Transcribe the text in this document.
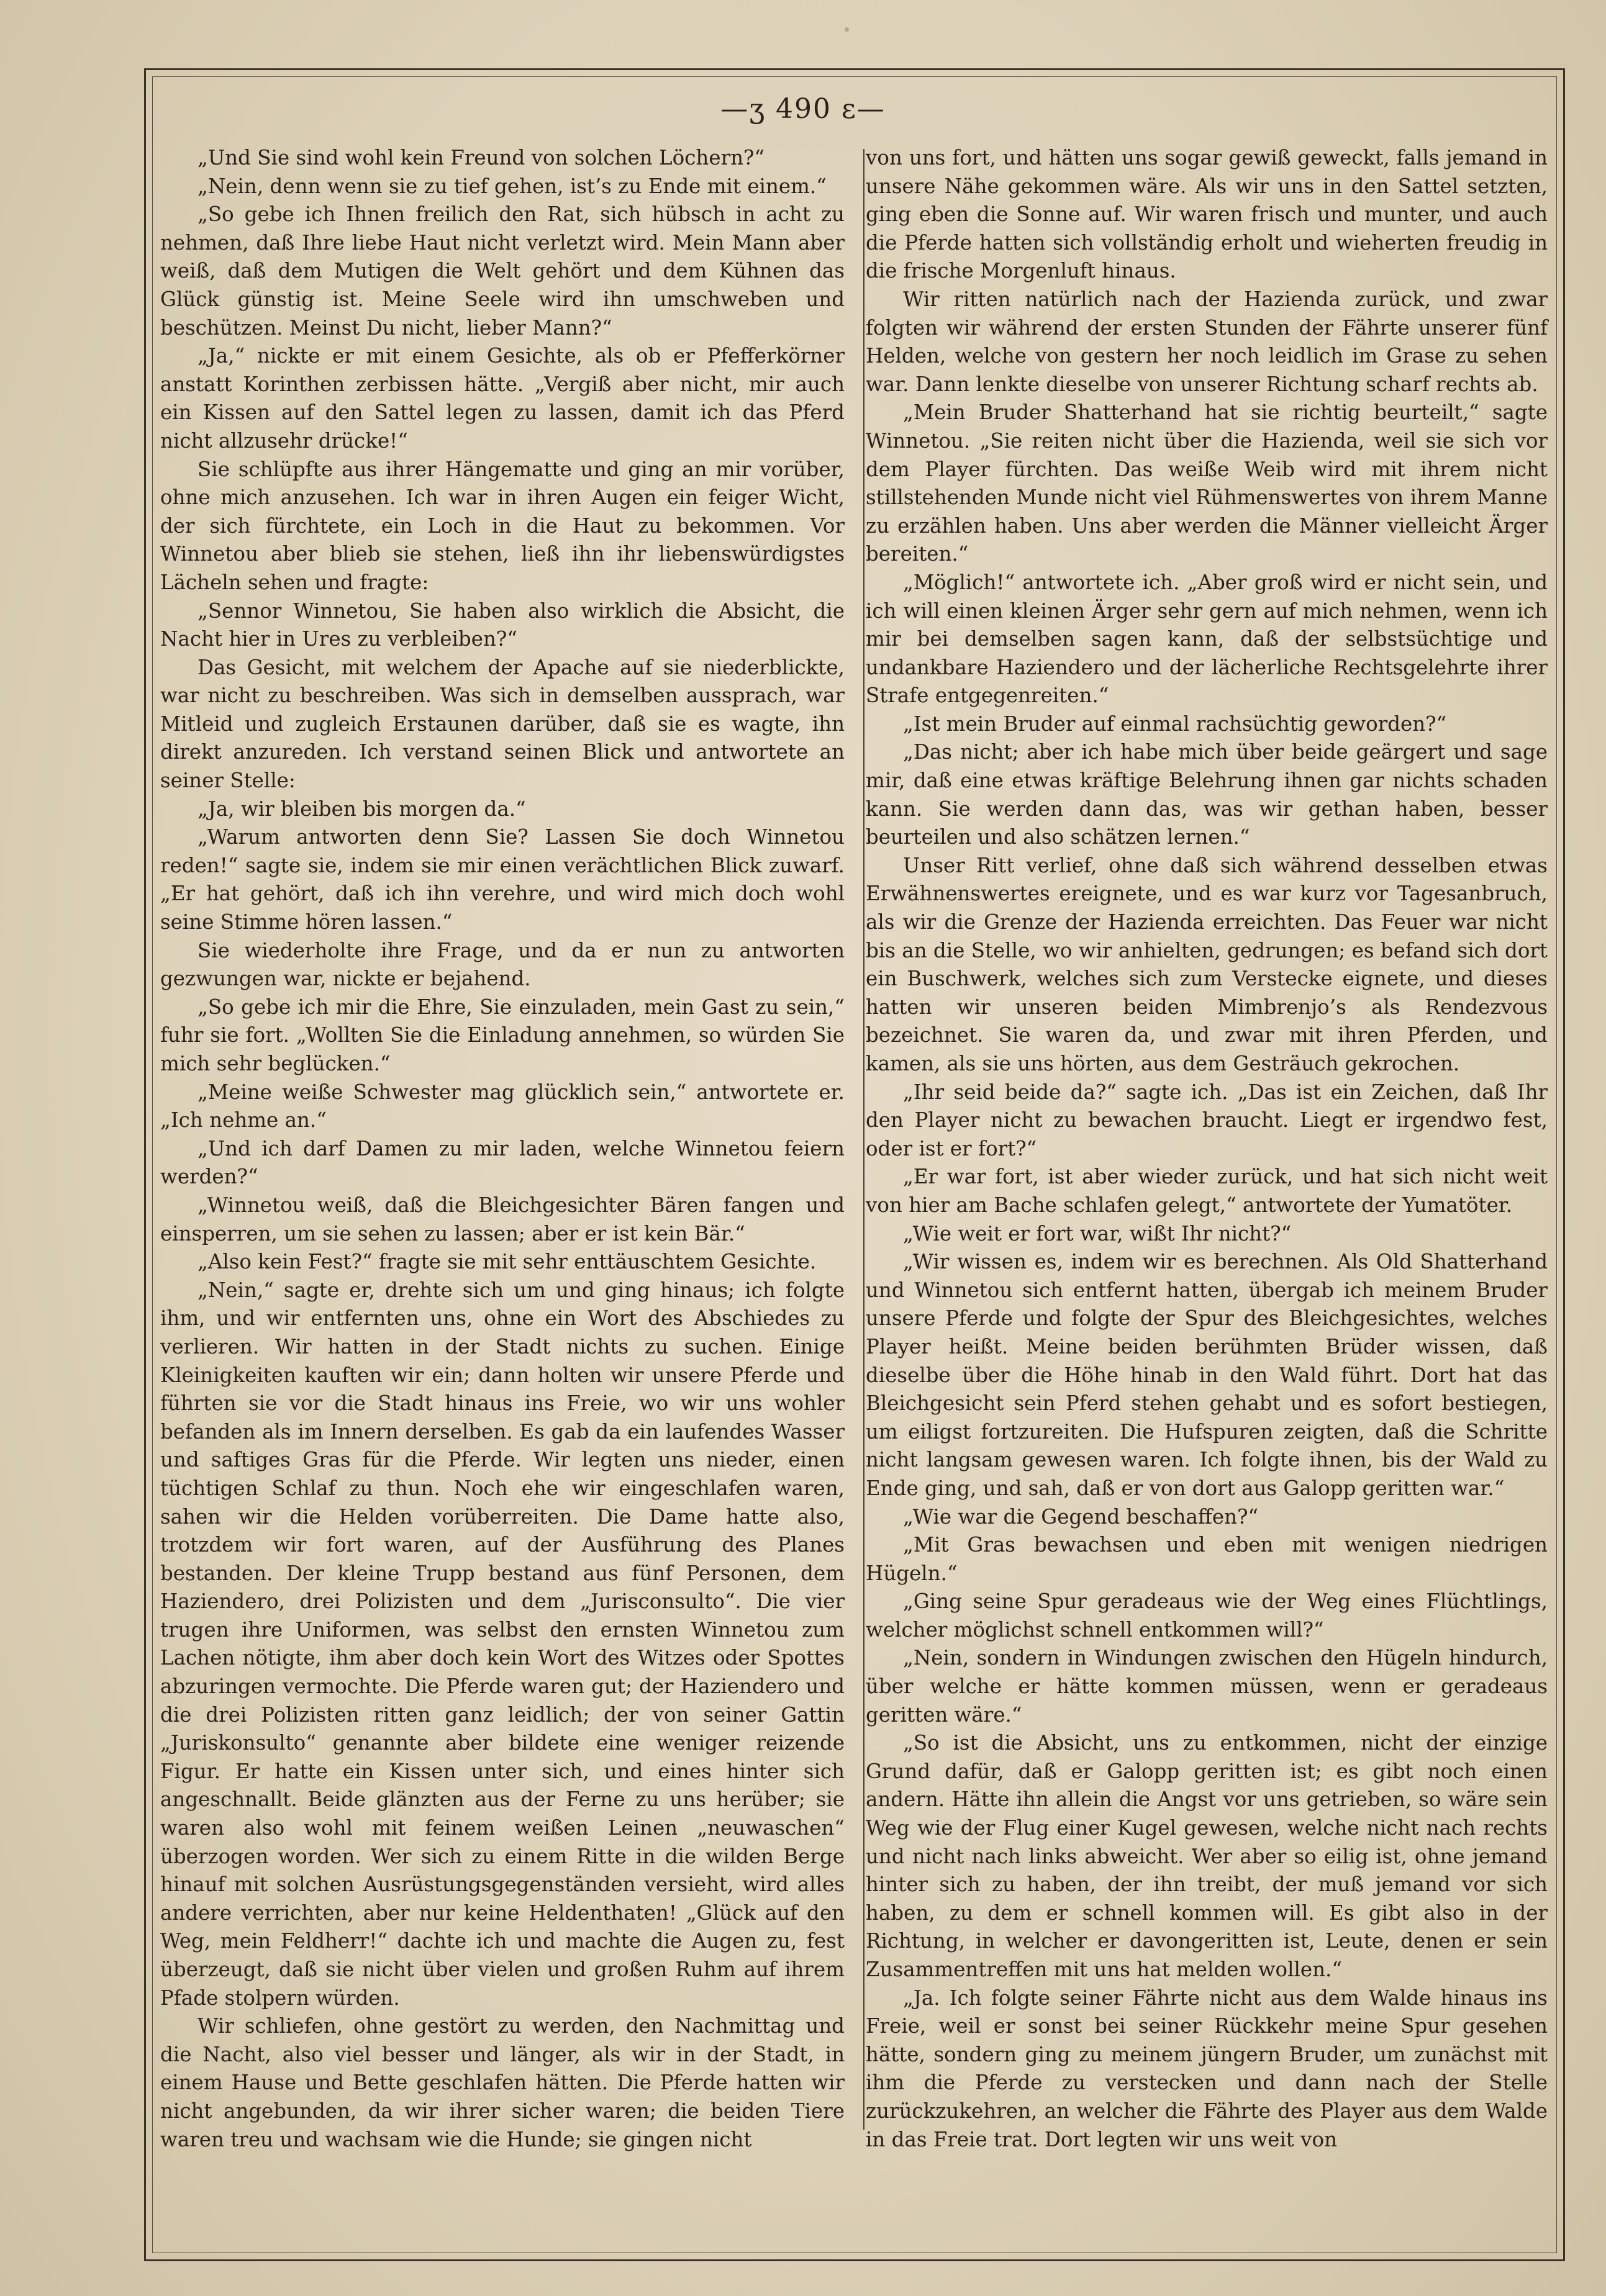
—ʒ 490 ɛ—

„Und Sie sind wohl kein Freund von solchen Löchern?“

„Nein, denn wenn sie zu tief gehen, ist’s zu Ende mit einem.“

„So gebe ich Ihnen freilich den Rat, sich hübsch in acht zu nehmen, daß Ihre liebe Haut nicht verletzt wird. Mein Mann aber weiß, daß dem Mutigen die Welt gehört und dem Kühnen das Glück günstig ist. Meine Seele wird ihn umschweben und beschützen. Meinst Du nicht, lieber Mann?“

„Ja,“ nickte er mit einem Gesichte, als ob er Pfefferkörner anstatt Korinthen zerbissen hätte. „Vergiß aber nicht, mir auch ein Kissen auf den Sattel legen zu lassen, damit ich das Pferd nicht allzusehr drücke!“

Sie schlüpfte aus ihrer Hängematte und ging an mir vorüber, ohne mich anzusehen. Ich war in ihren Augen ein feiger Wicht, der sich fürchtete, ein Loch in die Haut zu bekommen. Vor Winnetou aber blieb sie stehen, ließ ihn ihr liebenswürdigstes Lächeln sehen und fragte:

„Sennor Winnetou, Sie haben also wirklich die Absicht, die Nacht hier in Ures zu verbleiben?“

Das Gesicht, mit welchem der Apache auf sie niederblickte, war nicht zu beschreiben. Was sich in demselben aussprach, war Mitleid und zugleich Erstaunen darüber, daß sie es wagte, ihn direkt anzureden. Ich verstand seinen Blick und antwortete an seiner Stelle:

„Ja, wir bleiben bis morgen da.“

„Warum antworten denn Sie? Lassen Sie doch Winnetou reden!“ sagte sie, indem sie mir einen verächtlichen Blick zuwarf. „Er hat gehört, daß ich ihn verehre, und wird mich doch wohl seine Stimme hören lassen.“

Sie wiederholte ihre Frage, und da er nun zu antworten gezwungen war, nickte er bejahend.

„So gebe ich mir die Ehre, Sie einzuladen, mein Gast zu sein,“ fuhr sie fort. „Wollten Sie die Einladung annehmen, so würden Sie mich sehr beglücken.“

„Meine weiße Schwester mag glücklich sein,“ antwortete er. „Ich nehme an.“

„Und ich darf Damen zu mir laden, welche Winnetou feiern werden?“

„Winnetou weiß, daß die Bleichgesichter Bären fangen und einsperren, um sie sehen zu lassen; aber er ist kein Bär.“

„Also kein Fest?“ fragte sie mit sehr enttäuschtem Gesichte.

„Nein,“ sagte er, drehte sich um und ging hinaus; ich folgte ihm, und wir entfernten uns, ohne ein Wort des Abschiedes zu verlieren. Wir hatten in der Stadt nichts zu suchen. Einige Kleinigkeiten kauften wir ein; dann holten wir unsere Pferde und führten sie vor die Stadt hinaus ins Freie, wo wir uns wohler befanden als im Innern derselben. Es gab da ein laufendes Wasser und saftiges Gras für die Pferde. Wir legten uns nieder, einen tüchtigen Schlaf zu thun. Noch ehe wir eingeschlafen waren, sahen wir die Helden vorüberreiten. Die Dame hatte also, trotzdem wir fort waren, auf der Ausführung des Planes bestanden. Der kleine Trupp bestand aus fünf Personen, dem Haziendero, drei Polizisten und dem „Jurisconsulto“. Die vier trugen ihre Uniformen, was selbst den ernsten Winnetou zum Lachen nötigte, ihm aber doch kein Wort des Witzes oder Spottes abzuringen vermochte. Die Pferde waren gut; der Haziendero und die drei Polizisten ritten ganz leidlich; der von seiner Gattin „Juriskonsulto“ genannte aber bildete eine weniger reizende Figur. Er hatte ein Kissen unter sich, und eines hinter sich angeschnallt. Beide glänzten aus der Ferne zu uns herüber; sie waren also wohl mit feinem weißen Leinen „neuwaschen“ überzogen worden. Wer sich zu einem Ritte in die wilden Berge hinauf mit solchen Ausrüstungsgegenständen versieht, wird alles andere verrichten, aber nur keine Heldenthaten! „Glück auf den Weg, mein Feldherr!“ dachte ich und machte die Augen zu, fest überzeugt, daß sie nicht über vielen und großen Ruhm auf ihrem Pfade stolpern würden.

Wir schliefen, ohne gestört zu werden, den Nachmittag und die Nacht, also viel besser und länger, als wir in der Stadt, in einem Hause und Bette geschlafen hätten. Die Pferde hatten wir nicht angebunden, da wir ihrer sicher waren; die beiden Tiere waren treu und wachsam wie die Hunde; sie gingen nicht

von uns fort, und hätten uns sogar gewiß geweckt, falls jemand in unsere Nähe gekommen wäre. Als wir uns in den Sattel setzten, ging eben die Sonne auf. Wir waren frisch und munter, und auch die Pferde hatten sich vollständig erholt und wieherten freudig in die frische Morgenluft hinaus.

Wir ritten natürlich nach der Hazienda zurück, und zwar folgten wir während der ersten Stunden der Fährte unserer fünf Helden, welche von gestern her noch leidlich im Grase zu sehen war. Dann lenkte dieselbe von unserer Richtung scharf rechts ab.

„Mein Bruder Shatterhand hat sie richtig beurteilt,“ sagte Winnetou. „Sie reiten nicht über die Hazienda, weil sie sich vor dem Player fürchten. Das weiße Weib wird mit ihrem nicht stillstehenden Munde nicht viel Rühmenswertes von ihrem Manne zu erzählen haben. Uns aber werden die Männer vielleicht Ärger bereiten.“

„Möglich!“ antwortete ich. „Aber groß wird er nicht sein, und ich will einen kleinen Ärger sehr gern auf mich nehmen, wenn ich mir bei demselben sagen kann, daß der selbstsüchtige und undankbare Haziendero und der lächerliche Rechtsgelehrte ihrer Strafe entgegenreiten.“

„Ist mein Bruder auf einmal rachsüchtig geworden?“

„Das nicht; aber ich habe mich über beide geärgert und sage mir, daß eine etwas kräftige Belehrung ihnen gar nichts schaden kann. Sie werden dann das, was wir gethan haben, besser beurteilen und also schätzen lernen.“

Unser Ritt verlief, ohne daß sich während desselben etwas Erwähnenswertes ereignete, und es war kurz vor Tagesanbruch, als wir die Grenze der Hazienda erreichten. Das Feuer war nicht bis an die Stelle, wo wir anhielten, gedrungen; es befand sich dort ein Buschwerk, welches sich zum Verstecke eignete, und dieses hatten wir unseren beiden Mimbrenjo’s als Rendezvous bezeichnet. Sie waren da, und zwar mit ihren Pferden, und kamen, als sie uns hörten, aus dem Gesträuch gekrochen.

„Ihr seid beide da?“ sagte ich. „Das ist ein Zeichen, daß Ihr den Player nicht zu bewachen braucht. Liegt er irgendwo fest, oder ist er fort?“

„Er war fort, ist aber wieder zurück, und hat sich nicht weit von hier am Bache schlafen gelegt,“ antwortete der Yumatöter.

„Wie weit er fort war, wißt Ihr nicht?“

„Wir wissen es, indem wir es berechnen. Als Old Shatterhand und Winnetou sich entfernt hatten, übergab ich meinem Bruder unsere Pferde und folgte der Spur des Bleichgesichtes, welches Player heißt. Meine beiden berühmten Brüder wissen, daß dieselbe über die Höhe hinab in den Wald führt. Dort hat das Bleichgesicht sein Pferd stehen gehabt und es sofort bestiegen, um eiligst fortzureiten. Die Hufspuren zeigten, daß die Schritte nicht langsam gewesen waren. Ich folgte ihnen, bis der Wald zu Ende ging, und sah, daß er von dort aus Galopp geritten war.“

„Wie war die Gegend beschaffen?“

„Mit Gras bewachsen und eben mit wenigen niedrigen Hügeln.“

„Ging seine Spur geradeaus wie der Weg eines Flüchtlings, welcher möglichst schnell entkommen will?“

„Nein, sondern in Windungen zwischen den Hügeln hindurch, über welche er hätte kommen müssen, wenn er geradeaus geritten wäre.“

„So ist die Absicht, uns zu entkommen, nicht der einzige Grund dafür, daß er Galopp geritten ist; es gibt noch einen andern. Hätte ihn allein die Angst vor uns getrieben, so wäre sein Weg wie der Flug einer Kugel gewesen, welche nicht nach rechts und nicht nach links abweicht. Wer aber so eilig ist, ohne jemand hinter sich zu haben, der ihn treibt, der muß jemand vor sich haben, zu dem er schnell kommen will. Es gibt also in der Richtung, in welcher er davongeritten ist, Leute, denen er sein Zusammentreffen mit uns hat melden wollen.“

„Ja. Ich folgte seiner Fährte nicht aus dem Walde hinaus ins Freie, weil er sonst bei seiner Rückkehr meine Spur gesehen hätte, sondern ging zu meinem jüngern Bruder, um zunächst mit ihm die Pferde zu verstecken und dann nach der Stelle zurückzukehren, an welcher die Fährte des Player aus dem Walde in das Freie trat. Dort legten wir uns weit von
